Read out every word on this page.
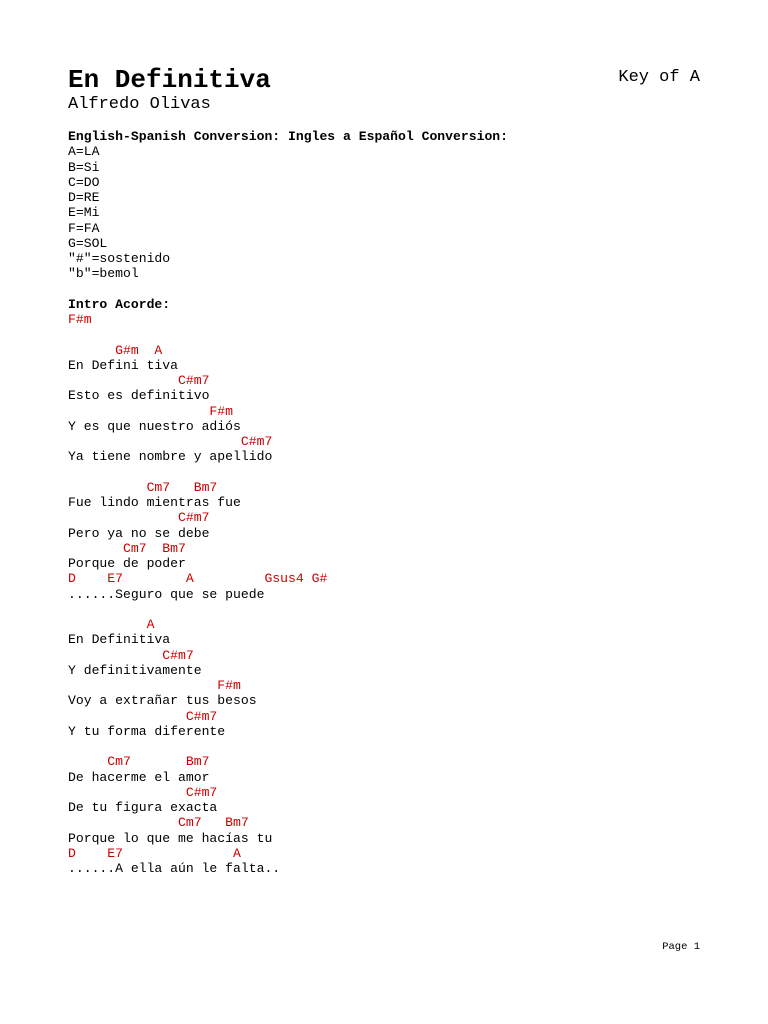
En Definitiva
Alfredo Olivas
Key of A
English-Spanish Conversion: Ingles a Español Conversion:
A=LA
B=Si
C=DO
D=RE
E=Mi
F=FA
G=SOL
"#"=sostenido
"b"=bemol
Intro Acorde:
F#m
G#m  A
En Defini tiva
C#m7
Esto es definitivo
F#m
Y es que nuestro adiós
C#m7
Ya tiene nombre y apellido
Cm7   Bm7
Fue lindo mientras fue
C#m7
Pero ya no se debe
Cm7  Bm7
Porque de poder
D    E7        A         Gsus4 G#
......Seguro que se puede
A
En Definitiva
C#m7
Y definitivamente
F#m
Voy a extrañar tus besos
C#m7
Y tu forma diferente
Cm7       Bm7
De hacerme el amor
C#m7
De tu figura exacta
Cm7   Bm7
Porque lo que me hacías tu
D    E7              A
......A ella aún le falta..
Page 1
